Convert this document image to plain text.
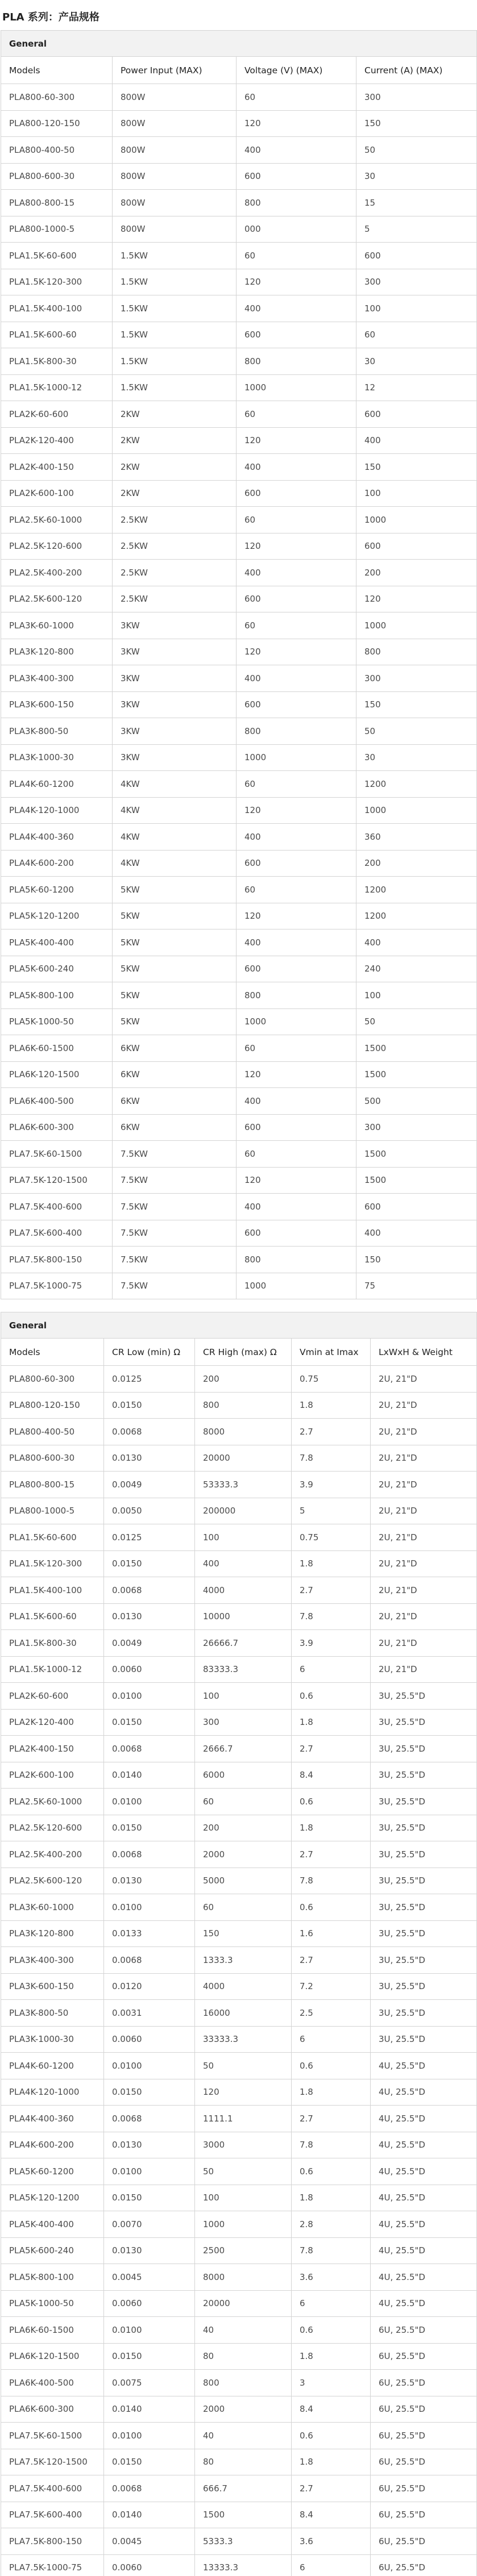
PLA 系列：产品规格
General			
Models	Power Input (MAX)	Voltage (V) (MAX)	Current (A) (MAX)
PLA800-60-300	800W	60	300
PLA800-120-150	800W	120	150
PLA800-400-50	800W	400	50
PLA800-600-30	800W	600	30
PLA800-800-15	800W	800	15
PLA800-1000-5	800W	000	5
PLA1.5K-60-600	1.5KW	60	600
PLA1.5K-120-300	1.5KW	120	300
PLA1.5K-400-100	1.5KW	400	100
PLA1.5K-600-60	1.5KW	600	60
PLA1.5K-800-30	1.5KW	800	30
PLA1.5K-1000-12	1.5KW	1000	12
PLA2K-60-600	2KW	60	600
PLA2K-120-400	2KW	120	400
PLA2K-400-150	2KW	400	150
PLA2K-600-100	2KW	600	100
PLA2.5K-60-1000	2.5KW	60	1000
PLA2.5K-120-600	2.5KW	120	600
PLA2.5K-400-200	2.5KW	400	200
PLA2.5K-600-120	2.5KW	600	120
PLA3K-60-1000	3KW	60	1000
PLA3K-120-800	3KW	120	800
PLA3K-400-300	3KW	400	300
PLA3K-600-150	3KW	600	150
PLA3K-800-50	3KW	800	50
PLA3K-1000-30	3KW	1000	30
PLA4K-60-1200	4KW	60	1200
PLA4K-120-1000	4KW	120	1000
PLA4K-400-360	4KW	400	360
PLA4K-600-200	4KW	600	200
PLA5K-60-1200	5KW	60	1200
PLA5K-120-1200	5KW	120	1200
PLA5K-400-400	5KW	400	400
PLA5K-600-240	5KW	600	240
PLA5K-800-100	5KW	800	100
PLA5K-1000-50	5KW	1000	50
PLA6K-60-1500	6KW	60	1500
PLA6K-120-1500	6KW	120	1500
PLA6K-400-500	6KW	400	500
PLA6K-600-300	6KW	600	300
PLA7.5K-60-1500	7.5KW	60	1500
PLA7.5K-120-1500	7.5KW	120	1500
PLA7.5K-400-600	7.5KW	400	600
PLA7.5K-600-400	7.5KW	600	400
PLA7.5K-800-150	7.5KW	800	150
PLA7.5K-1000-75	7.5KW	1000	75
General				
Models	CR Low (min) Ω	CR High (max) Ω	Vmin at Imax	LxWxH & Weight
PLA800-60-300	0.0125	200	0.75	2U, 21"D
PLA800-120-150	0.0150	800	1.8	2U, 21"D
PLA800-400-50	0.0068	8000	2.7	2U, 21"D
PLA800-600-30	0.0130	20000	7.8	2U, 21"D
PLA800-800-15	0.0049	53333.3	3.9	2U, 21"D
PLA800-1000-5	0.0050	200000	5	2U, 21"D
PLA1.5K-60-600	0.0125	100	0.75	2U, 21"D
PLA1.5K-120-300	0.0150	400	1.8	2U, 21"D
PLA1.5K-400-100	0.0068	4000	2.7	2U, 21"D
PLA1.5K-600-60	0.0130	10000	7.8	2U, 21"D
PLA1.5K-800-30	0.0049	26666.7	3.9	2U, 21"D
PLA1.5K-1000-12	0.0060	83333.3	6	2U, 21"D
PLA2K-60-600	0.0100	100	0.6	3U, 25.5"D
PLA2K-120-400	0.0150	300	1.8	3U, 25.5"D
PLA2K-400-150	0.0068	2666.7	2.7	3U, 25.5"D
PLA2K-600-100	0.0140	6000	8.4	3U, 25.5"D
PLA2.5K-60-1000	0.0100	60	0.6	3U, 25.5"D
PLA2.5K-120-600	0.0150	200	1.8	3U, 25.5"D
PLA2.5K-400-200	0.0068	2000	2.7	3U, 25.5"D
PLA2.5K-600-120	0.0130	5000	7.8	3U, 25.5"D
PLA3K-60-1000	0.0100	60	0.6	3U, 25.5"D
PLA3K-120-800	0.0133	150	1.6	3U, 25.5"D
PLA3K-400-300	0.0068	1333.3	2.7	3U, 25.5"D
PLA3K-600-150	0.0120	4000	7.2	3U, 25.5"D
PLA3K-800-50	0.0031	16000	2.5	3U, 25.5"D
PLA3K-1000-30	0.0060	33333.3	6	3U, 25.5"D
PLA4K-60-1200	0.0100	50	0.6	4U, 25.5"D
PLA4K-120-1000	0.0150	120	1.8	4U, 25.5"D
PLA4K-400-360	0.0068	1111.1	2.7	4U, 25.5"D
PLA4K-600-200	0.0130	3000	7.8	4U, 25.5"D
PLA5K-60-1200	0.0100	50	0.6	4U, 25.5"D
PLA5K-120-1200	0.0150	100	1.8	4U, 25.5"D
PLA5K-400-400	0.0070	1000	2.8	4U, 25.5"D
PLA5K-600-240	0.0130	2500	7.8	4U, 25.5"D
PLA5K-800-100	0.0045	8000	3.6	4U, 25.5"D
PLA5K-1000-50	0.0060	20000	6	4U, 25.5"D
PLA6K-60-1500	0.0100	40	0.6	6U, 25.5"D
PLA6K-120-1500	0.0150	80	1.8	6U, 25.5"D
PLA6K-400-500	0.0075	800	3	6U, 25.5"D
PLA6K-600-300	0.0140	2000	8.4	6U, 25.5"D
PLA7.5K-60-1500	0.0100	40	0.6	6U, 25.5"D
PLA7.5K-120-1500	0.0150	80	1.8	6U, 25.5"D
PLA7.5K-400-600	0.0068	666.7	2.7	6U, 25.5"D
PLA7.5K-600-400	0.0140	1500	8.4	6U, 25.5"D
PLA7.5K-800-150	0.0045	5333.3	3.6	6U, 25.5"D
PLA7.5K-1000-75	0.0060	13333.3	6	6U, 25.5"D
